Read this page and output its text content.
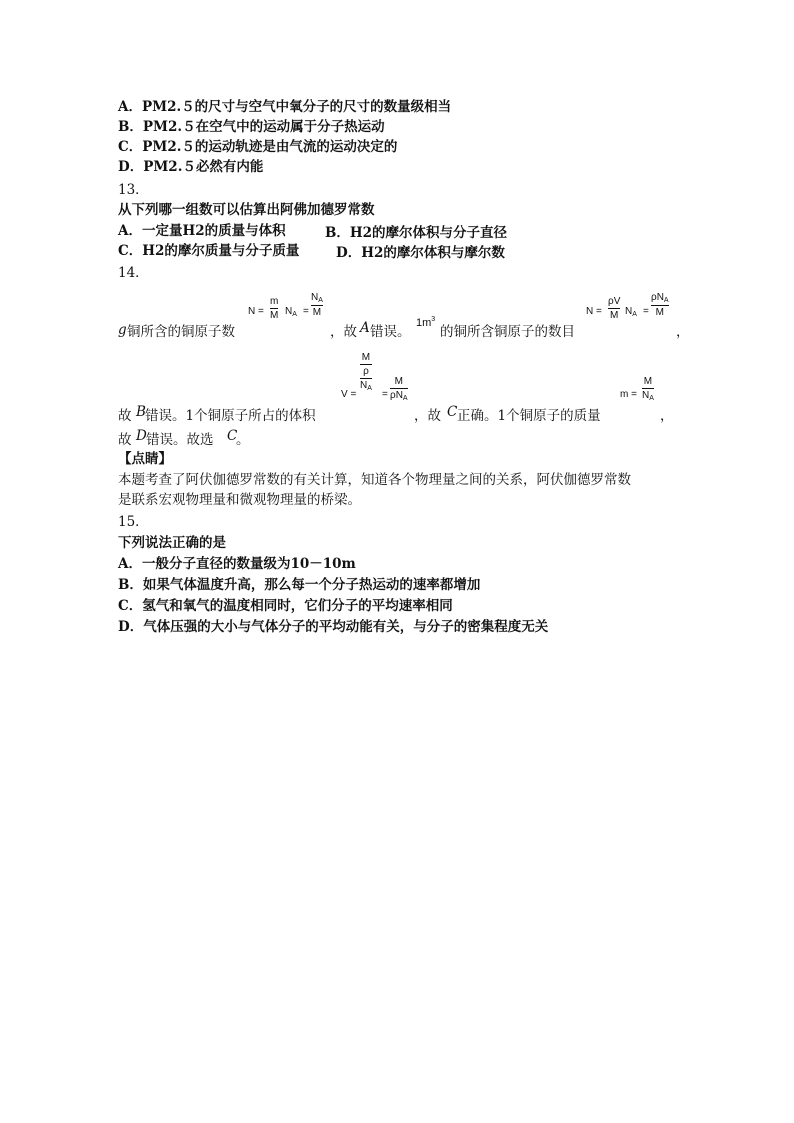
A．PM2.５的尺寸与空气中氧分子的尺寸的数量级相当
B．PM2.５在空气中的运动属于分子热运动
C．PM2.５的运动轨迹是由气流的运动决定的
D．PM2.５必然有内能
13．
从下列哪一组数可以估算出阿佛加德罗常数
A．一定量H2的质量与体积	B．H2的摩尔体积与分子直径
C．H2的摩尔质量与分子质量	D．H2的摩尔体积与摩尔数
14．
g 铜所含的铜原子数
N =
m
M $N_A$ =
$N_A$
M
，故 A 错误。
$1m^3$
的铜所含铜原子的数目
N =
ρV
M $N_A$ =
$\rho N_A$
M
，
故 B 错误。1个铜原子所占的体积
V =
M
ρ
$N_A$
=
M
$\rho N_A$
，故 C 正确。1个铜原子的质量
m =
M
$N_A$
，
故 D 错误。故选 C
。
【点睛】
本题考查了阿伏伽德罗常数的有关计算，知道各个物理量之间的关系，阿伏伽德罗常数
是联系宏观物理量和微观物理量的桥梁。
15．
下列说法正确的是
A．一般分子直径的数量级为10－10m
B．如果气体温度升高，那么每一个分子热运动的速率都增加
C．氢气和氧气的温度相同时，它们分子的平均速率相同
D．气体压强的大小与气体分子的平均动能有关，与分子的密集程度无关
